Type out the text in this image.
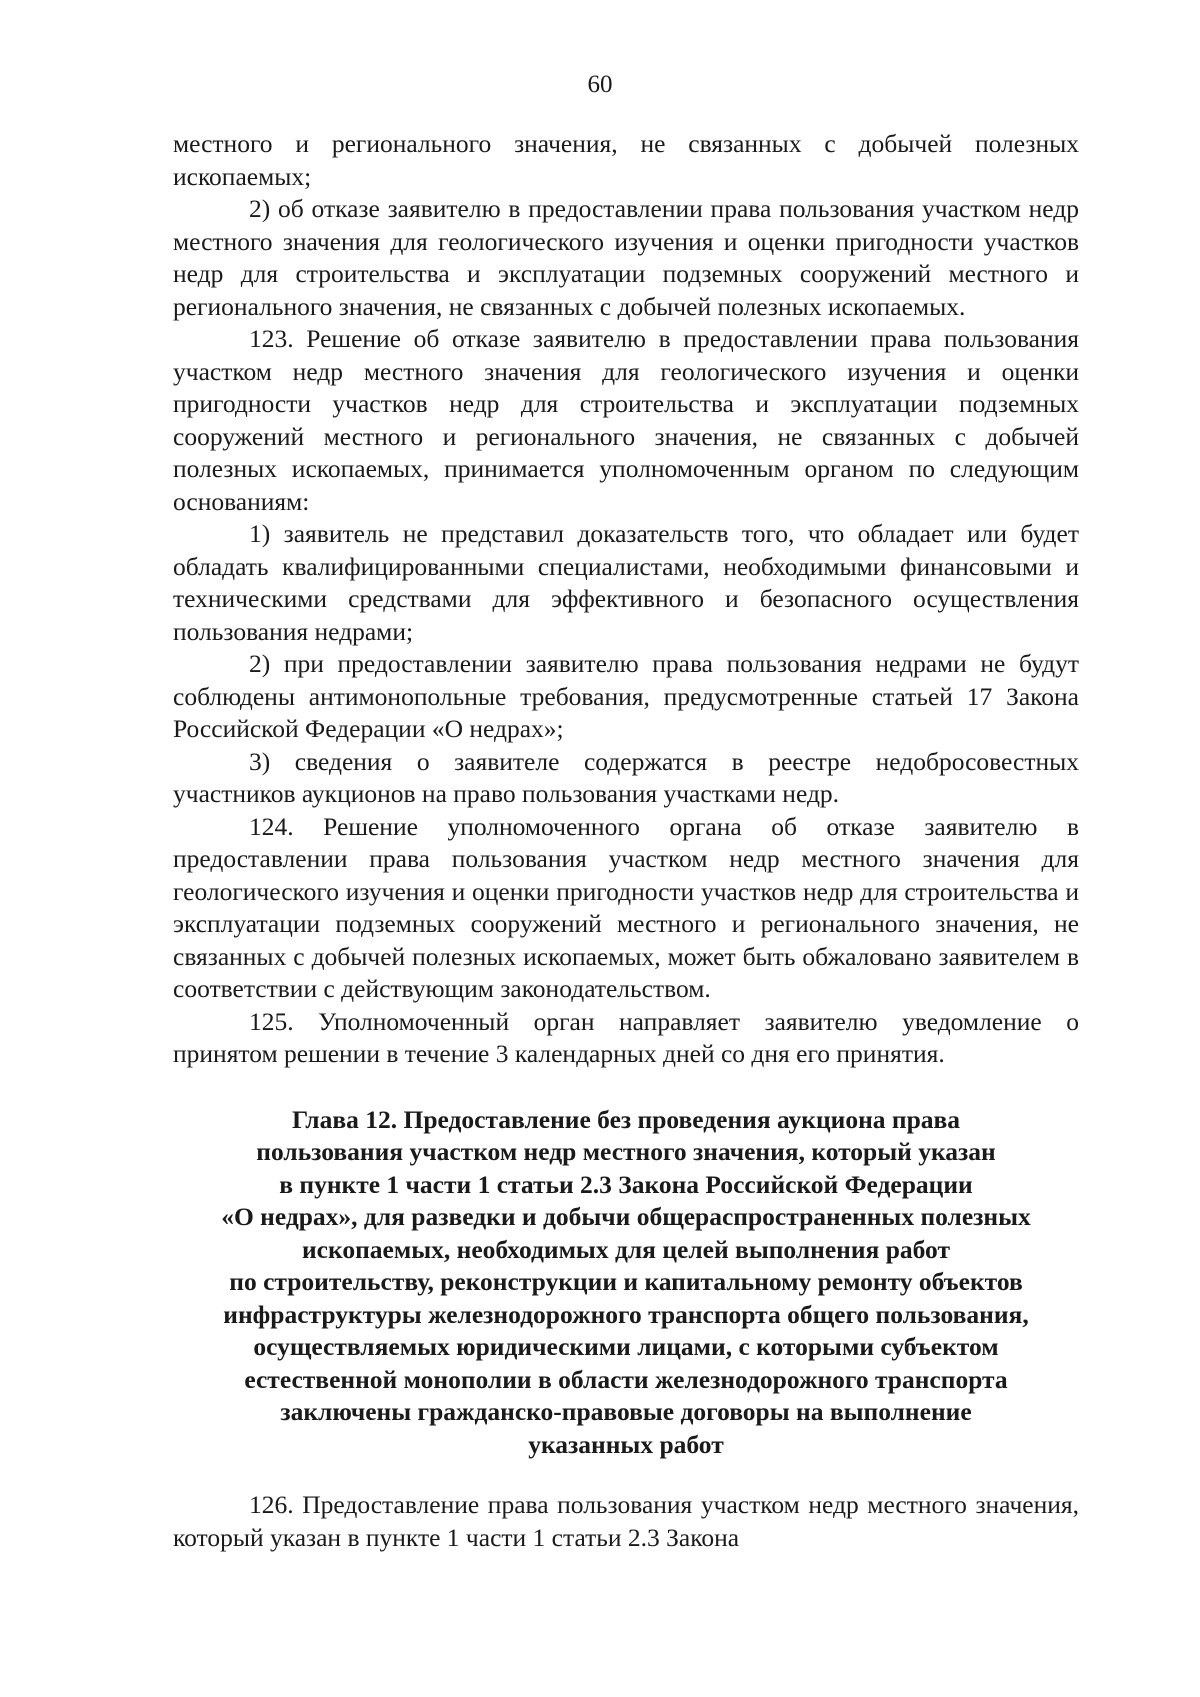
60

местного и регионального значения, не связанных с добычей полезных ископаемых;

2) об отказе заявителю в предоставлении права пользования участком недр местного значения для геологического изучения и оценки пригодности участков недр для строительства и эксплуатации подземных сооружений местного и регионального значения, не связанных с добычей полезных ископаемых.

123. Решение об отказе заявителю в предоставлении права пользования участком недр местного значения для геологического изучения и оценки пригодности участков недр для строительства и эксплуатации подземных сооружений местного и регионального значения, не связанных с добычей полезных ископаемых, принимается уполномоченным органом по следующим основаниям:

1) заявитель не представил доказательств того, что обладает или будет обладать квалифицированными специалистами, необходимыми финансовыми и техническими средствами для эффективного и безопасного осуществления пользования недрами;

2) при предоставлении заявителю права пользования недрами не будут соблюдены антимонопольные требования, предусмотренные статьей 17 Закона Российской Федерации «О недрах»;

3) сведения о заявителе содержатся в реестре недобросовестных участников аукционов на право пользования участками недр.

124. Решение уполномоченного органа об отказе заявителю в предоставлении права пользования участком недр местного значения для геологического изучения и оценки пригодности участков недр для строительства и эксплуатации подземных сооружений местного и регионального значения, не связанных с добычей полезных ископаемых, может быть обжаловано заявителем в соответствии с действующим законодательством.

125. Уполномоченный орган направляет заявителю уведомление о принятом решении в течение 3 календарных дней со дня его принятия.

Глава 12. Предоставление без проведения аукциона права
пользования участком недр местного значения, который указан
в пункте 1 части 1 статьи 2.3 Закона Российской Федерации
«О недрах», для разведки и добычи общераспространенных полезных
ископаемых, необходимых для целей выполнения работ
по строительству, реконструкции и капитальному ремонту объектов
инфраструктуры железнодорожного транспорта общего пользования,
осуществляемых юридическими лицами, с которыми субъектом
естественной монополии в области железнодорожного транспорта
заключены гражданско-правовые договоры на выполнение
указанных работ

126. Предоставление права пользования участком недр местного значения, который указан в пункте 1 части 1 статьи 2.3 Закона
